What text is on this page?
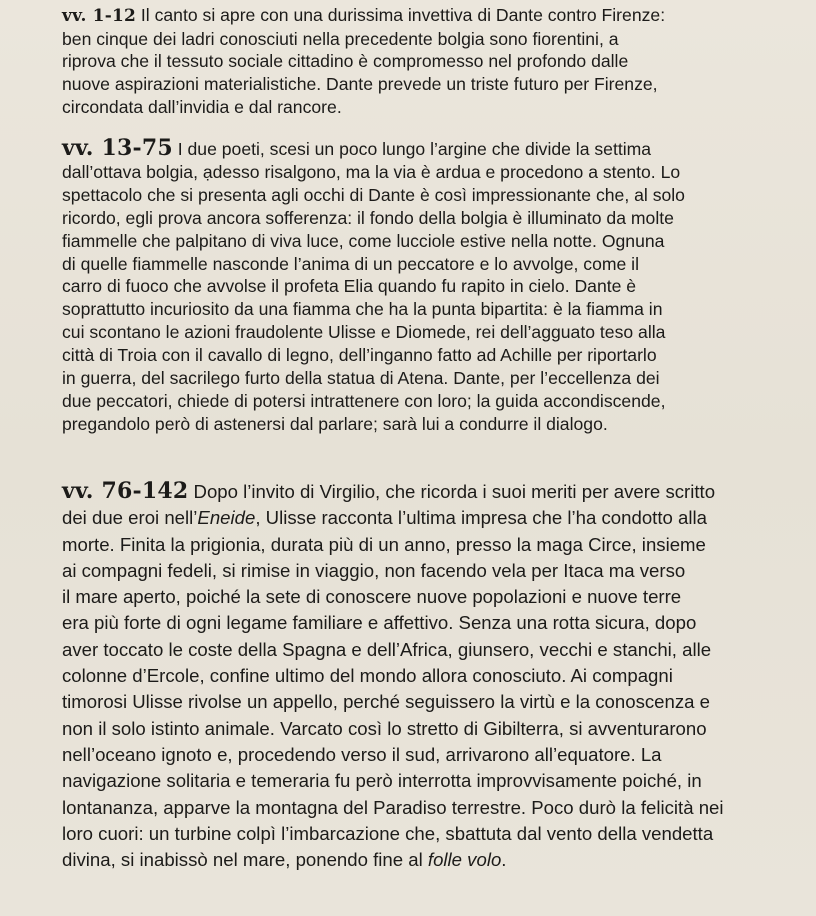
vv. 1-12 Il canto si apre con una durissima invettiva di Dante contro Firenze:
ben cinque dei ladri conosciuti nella precedente bolgia sono fiorentini, a
riprova che il tessuto sociale cittadino è compromesso nel profondo dalle
nuove aspirazioni materialistiche. Dante prevede un triste futuro per Firenze,
circondata dall’invidia e dal rancore.

vv. 13-75 I due poeti, scesi un poco lungo l’argine che divide la settima
dall’ottava bolgia, ạdesso risalgono, ma la via è ardua e procedono a stento. Lo
spettacolo che si presenta agli occhi di Dante è così impressionante che, al solo
ricordo, egli prova ancora sofferenza: il fondo della bolgia è illuminato da molte
fiammelle che palpitano di viva luce, come lucciole estive nella notte. Ognuna
di quelle fiammelle nasconde l’anima di un peccatore e lo avvolge, come il
carro di fuoco che avvolse il profeta Elia quando fu rapito in cielo. Dante è
soprattutto incuriosito da una fiamma che ha la punta bipartita: è la fiamma in
cui scontano le azioni fraudolente Ulisse e Diomede, rei dell’agguato teso alla
città di Troia con il cavallo di legno, dell’inganno fatto ad Achille per riportarlo
in guerra, del sacrilego furto della statua di Atena. Dante, per l’eccellenza dei
due peccatori, chiede di potersi intrattenere con loro; la guida accondiscende,
pregandolo però di astenersi dal parlare; sarà lui a condurre il dialogo.

vv. 76-142 Dopo l’invito di Virgilio, che ricorda i suoi meriti per avere scritto
dei due eroi nell’Eneide, Ulisse racconta l’ultima impresa che l’ha condotto alla
morte. Finita la prigionia, durata più di un anno, presso la maga Circe, insieme
ai compagni fedeli, si rimise in viaggio, non facendo vela per Itaca ma verso
il mare aperto, poiché la sete di conoscere nuove popolazioni e nuove terre
era più forte di ogni legame familiare e affettivo. Senza una rotta sicura, dopo
aver toccato le coste della Spagna e dell’Africa, giunsero, vecchi e stanchi, alle
colonne d’Ercole, confine ultimo del mondo allora conosciuto. Ai compagni
timorosi Ulisse rivolse un appello, perché seguissero la virtù e la conoscenza e
non il solo istinto animale. Varcato così lo stretto di Gibilterra, si avventurarono
nell’oceano ignoto e, procedendo verso il sud, arrivarono all’equatore. La
navigazione solitaria e temeraria fu però interrotta improvvisamente poiché, in
lontananza, apparve la montagna del Paradiso terrestre. Poco durò la felicità nei
loro cuori: un turbine colpì l’imbarcazione che, sbattuta dal vento della vendetta
divina, si inabissò nel mare, ponendo fine al folle volo.
